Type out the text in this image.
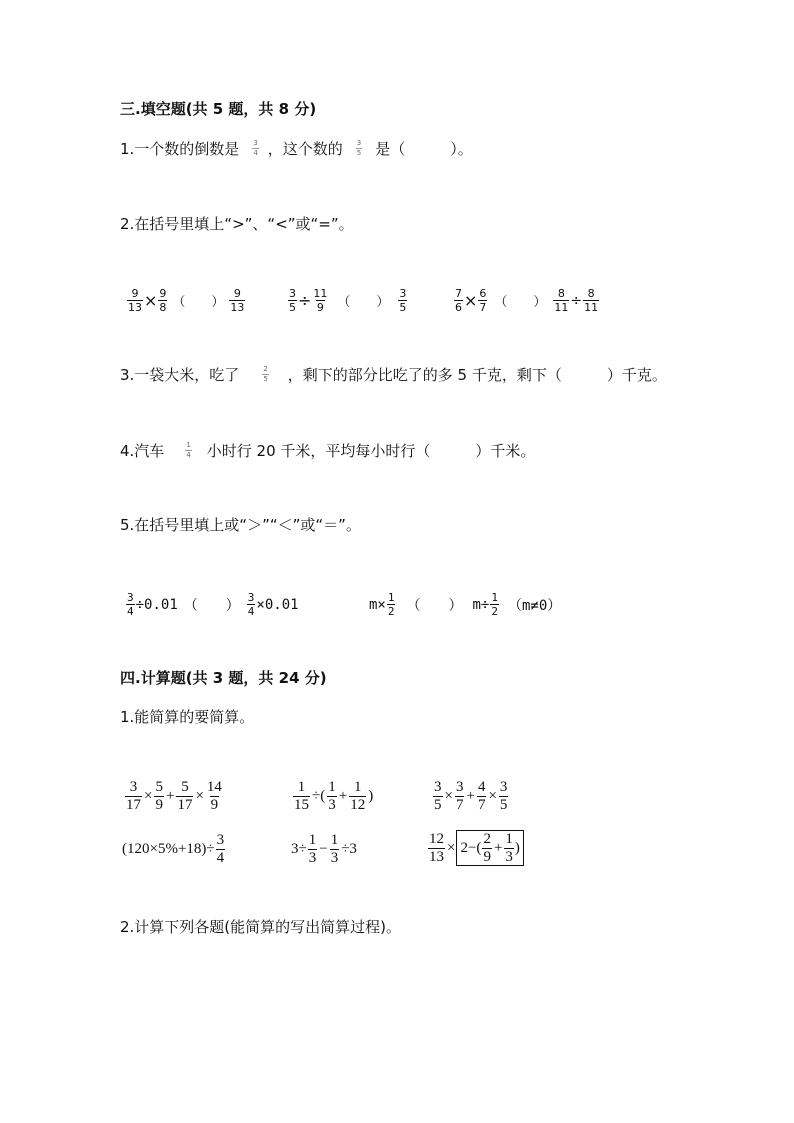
三.填空题(共 5 题，共 8 分)
1.一个数的倒数是 $\frac{3}{4}$ ，这个数的 $\frac{3}{5}$ 是（　　　）。
2.在括号里填上“>”、“<”或“=”。
$\frac{9}{13} \times \frac{9}{8}$ （　　） $\frac{9}{13}$	$\frac{3}{5} \div \frac{11}{9}$ （　　） $\frac{3}{5}$	$\frac{7}{6} \times \frac{6}{7}$ （　　） $\frac{8}{11} \div \frac{8}{11}$
3.一袋大米，吃了	$\frac{2}{5}$ ，剩下的部分比吃了的多 5 千克，剩下（　　　）千克。
4.汽车	$\frac{1}{4}$ 小时行 20 千米，平均每小时行（　　　）千米。
5.在括号里填上或“＞”“＜”或“＝”。
$\frac{3}{4} \div 0.01$ （　　） $\frac{3}{4} \times 0.01$	$m\times \frac{1}{2}$ （　　） $m\div \frac{1}{2} (m\ne 0)$
四.计算题(共 3 题，共 24 分)
1.能简算的要简算。
$\frac{3}{17} \times \frac{5}{9} + \frac{5}{17} \times \frac{14}{9}$	$\frac{1}{15}$ ÷( $\frac{1}{3} + \frac{1}{12}$ )	$\frac{3}{5} \times \frac{3}{7} + \frac{4}{7} \times \frac{3}{5}$
$(120\times 5\%+18)\div \frac{3}{4}$	$3\div \frac{1}{3} - \frac{1}{3} \div 3$	$\frac{12}{13} \times 2-( \frac{2}{9} + \frac{1}{3}$ )
2.计算下列各题(能简算的写出简算过程)。
